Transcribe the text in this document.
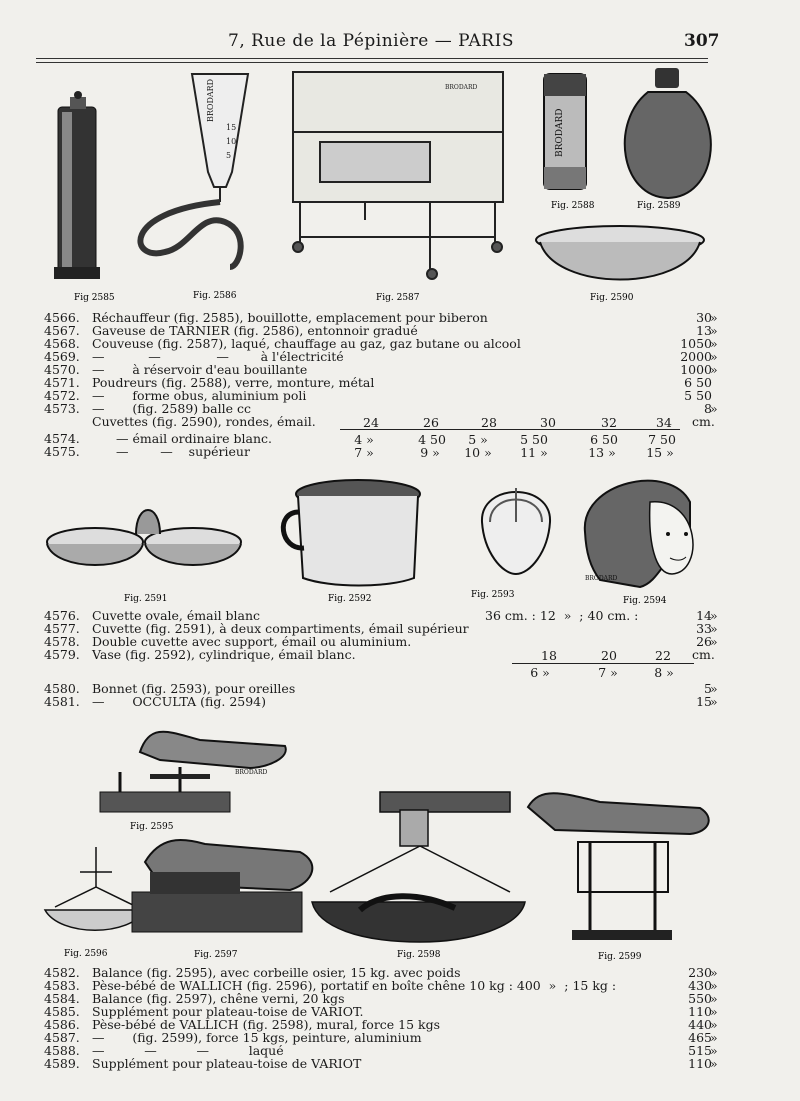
7, Rue de la Pépinière — PARIS	307
BRODARD
15
10
5
BRODARD
BRODARD
Fig 2585	Fig. 2586	Fig. 2587
Fig. 2588	Fig. 2589
Fig. 2590
4566. Réchauffeur (fig. 2585), bouillotte, emplacement pour biberon	30
»
4567. Gaveuse de TARNIER (fig. 2586), entonnoir gradué	13
»
4568. Couveuse (fig. 2587), laqué, chauffage au gaz, gaz butane ou alcool	1050
»
4569. —           —              —        à l'électricité	2000
»
4570. —       à réservoir d'eau bouillante	1000
»
4571. Poudreurs (fig. 2588), verre, monture, métal	6 50
4572. —       forme obus, aluminium poli	5 50
4573. —       (fig. 2589) balle cc	8
»
Cuvettes (fig. 2590), rondes, émail.	cm.
24	26	28	30	32	34
4574.	— émail ordinaire blanc.	4 »	4 50	5 »	5 50	6 50	7 50
4575.	—        —    supérieur	7 »	9 »	10 »	11 »	13 »	15 »
BRODARD
Fig. 2591	Fig. 2592	Fig. 2593
Fig. 2594
4576. Cuvette ovale, émail blanc	36 cm. : 12  »  ; 40 cm. :	14
»
4577. Cuvette (fig. 2591), à deux compartiments, émail supérieur	33
»
4578. Double cuvette avec support, émail ou aluminium.	26
»
4579. Vase (fig. 2592), cylindrique, émail blanc.	cm.
18	20	22
6 »	7 »	8 »
4580. Bonnet (fig. 2593), pour oreilles	5
»
4581. —       OCCULTA (fig. 2594)	15
»
BRODARD
Fig. 2595
Fig. 2596	Fig. 2597	Fig. 2598	Fig. 2599
4582. Balance (fig. 2595), avec corbeille osier, 15 kg. avec poids	230
»
4583. Pèse-bébé de WALLICH (fig. 2596), portatif en boîte chêne 10 kg : 400  »  ; 15 kg :	430
»
4584. Balance (fig. 2597), chêne verni, 20 kgs	550
»
4585. Supplément pour plateau-toise de VARIOT.	110
»
4586. Pèse-bébé de VALLICH (fig. 2598), mural, force 15 kgs	440
»
4587. —       (fig. 2599), force 15 kgs, peinture, aluminium	465
»
4588. —          —          —          laqué	515
»
4589. Supplément pour plateau-toise de VARIOT	110
»
